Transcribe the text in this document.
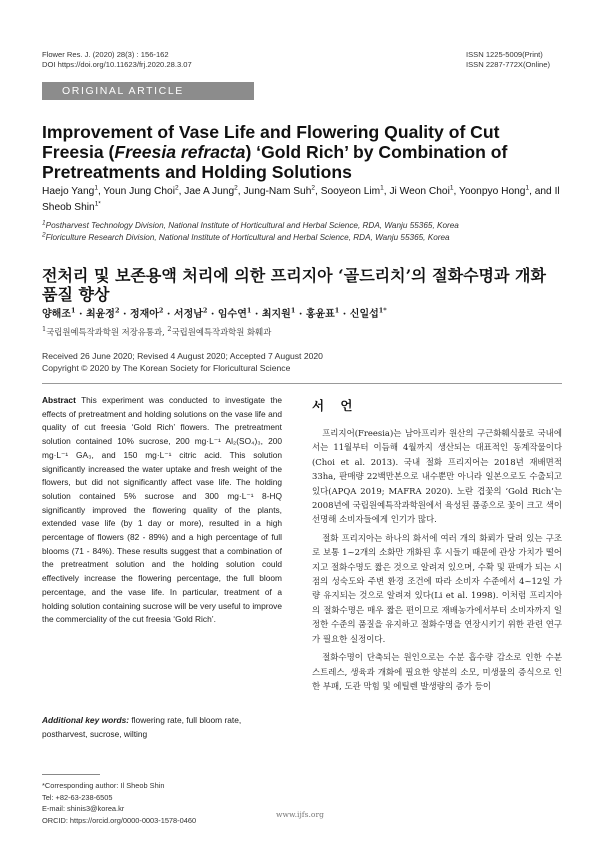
Flower Res. J. (2020) 28(3) : 156-162
DOI https://doi.org/10.11623/frj.2020.28.3.07
ISSN 1225-5009(Print)
ISSN 2287-772X(Online)
ORIGINAL ARTICLE
Improvement of Vase Life and Flowering Quality of Cut Freesia (Freesia refracta) ‘Gold Rich’ by Combination of Pretreatments and Holding Solutions
Haejo Yang$^1$, Youn Jung Choi$^2$, Jae A Jung$^2$, Jung-Nam Suh$^2$, Sooyeon Lim$^1$, Ji Weon Choi$^1$, Yoonpyo Hong$^1$, and Il Sheob Shin$^{1*}$
$^1$Postharvest Technology Division, National Institute of Horticultural and Herbal Science, RDA, Wanju 55365, Korea
$^2$Floriculture Research Division, National Institute of Horticultural and Herbal Science, RDA, Wanju 55365, Korea
전처리 및 보존용액 처리에 의한 프리지아 ‘골드리치’의 절화수명과 개화 품질 향상
양해조$^1$ · 최윤정$^2$ · 정재아$^2$ · 서정남$^2$ · 임수연$^1$ · 최지원$^1$ · 홍윤표$^1$ · 신일섭$^{1*}$
$^1$국립원예특작과학원 저장유통과, $^2$국립원예특작과학원 화훼과
Received 26 June 2020; Revised 4 August 2020; Accepted 7 August 2020
Copyright © 2020 by The Korean Society for Floricultural Science
Abstract This experiment was conducted to investigate the effects of pretreatment and holding solutions on the vase life and quality of cut freesia ‘Gold Rich’ flowers. The pretreatment solution contained 10% sucrose, 200 mg·L⁻¹ Al₂(SO₄)₃, 200 mg·L⁻¹ GA₃, and 150 mg·L⁻¹ citric acid. This solution significantly increased the water uptake and fresh weight of the flowers, but did not significantly affect vase life. The holding solution contained 5% sucrose and 300 mg·L⁻¹ 8-HQ significantly improved the flowering quality of the plants, extended vase life (by 1 day or more), resulted in a high percentage of flowers (82 - 89%) and a high percentage of full blooms (71 - 84%). These results suggest that a combination of the pretreatment solution and the holding solution could effectively increase the flowering percentage, the full bloom percentage, and the vase life. In particular, treatment of a holding solution containing sucrose will be very useful to improve the commerciality of the cut freesia ‘Gold Rich’.
Additional key words: flowering rate, full bloom rate, postharvest, sucrose, wilting
*Corresponding author: Il Sheob Shin
Tel: +82-63-238-6505
E-mail: shinis3@korea.kr
ORCID: https://orcid.org/0000-0003-1578-0460
서 언

프리지어(Freesia)는 남아프리카 원산의 구근화훼식물로 국내에서는 11월부터 이듬해 4월까지 생산되는 대표적인 동계작물이다(Choi et al. 2013). 국내 절화 프리지어는 2018년 재배면적 33ha, 판매량 22백만본으로 내수뿐만 아니라 일본으로도 수출되고 있다(APQA 2019; MAFRA 2020). 노란 겹꽃의 ‘Gold Rich’는 2008년에 국립원예특작과학원에서 육성된 품종으로 꽃이 크고 색이 선명해 소비자들에게 인기가 많다.

절화 프리지아는 하나의 화서에 여러 개의 화뢰가 달려 있는 구조로 보통 1~2개의 소화만 개화된 후 시들기 때문에 관상 가치가 떨어지고 절화수명도 짧은 것으로 알려져 있으며, 수확 및 판매가 되는 시점의 성숙도와 주변 환경 조건에 따라 소비자 수준에서 4~12일 가량 유지되는 것으로 알려져 있다(Li et al. 1998). 이처럼 프리지아의 절화수명은 매우 짧은 편이므로 재배농가에서부터 소비자까지 일정한 수준의 품질을 유지하고 절화수명을 연장시키기 위한 관련 연구가 필요한 실정이다.

절화수명이 단축되는 원인으로는 수분 흡수량 감소로 인한 수분 스트레스, 생육과 개화에 필요한 양분의 소모, 미생물의 증식으로 인한 부패, 도관 막힘 및 에틸렌 발생량의 증가 등이

www.ijfs.org
